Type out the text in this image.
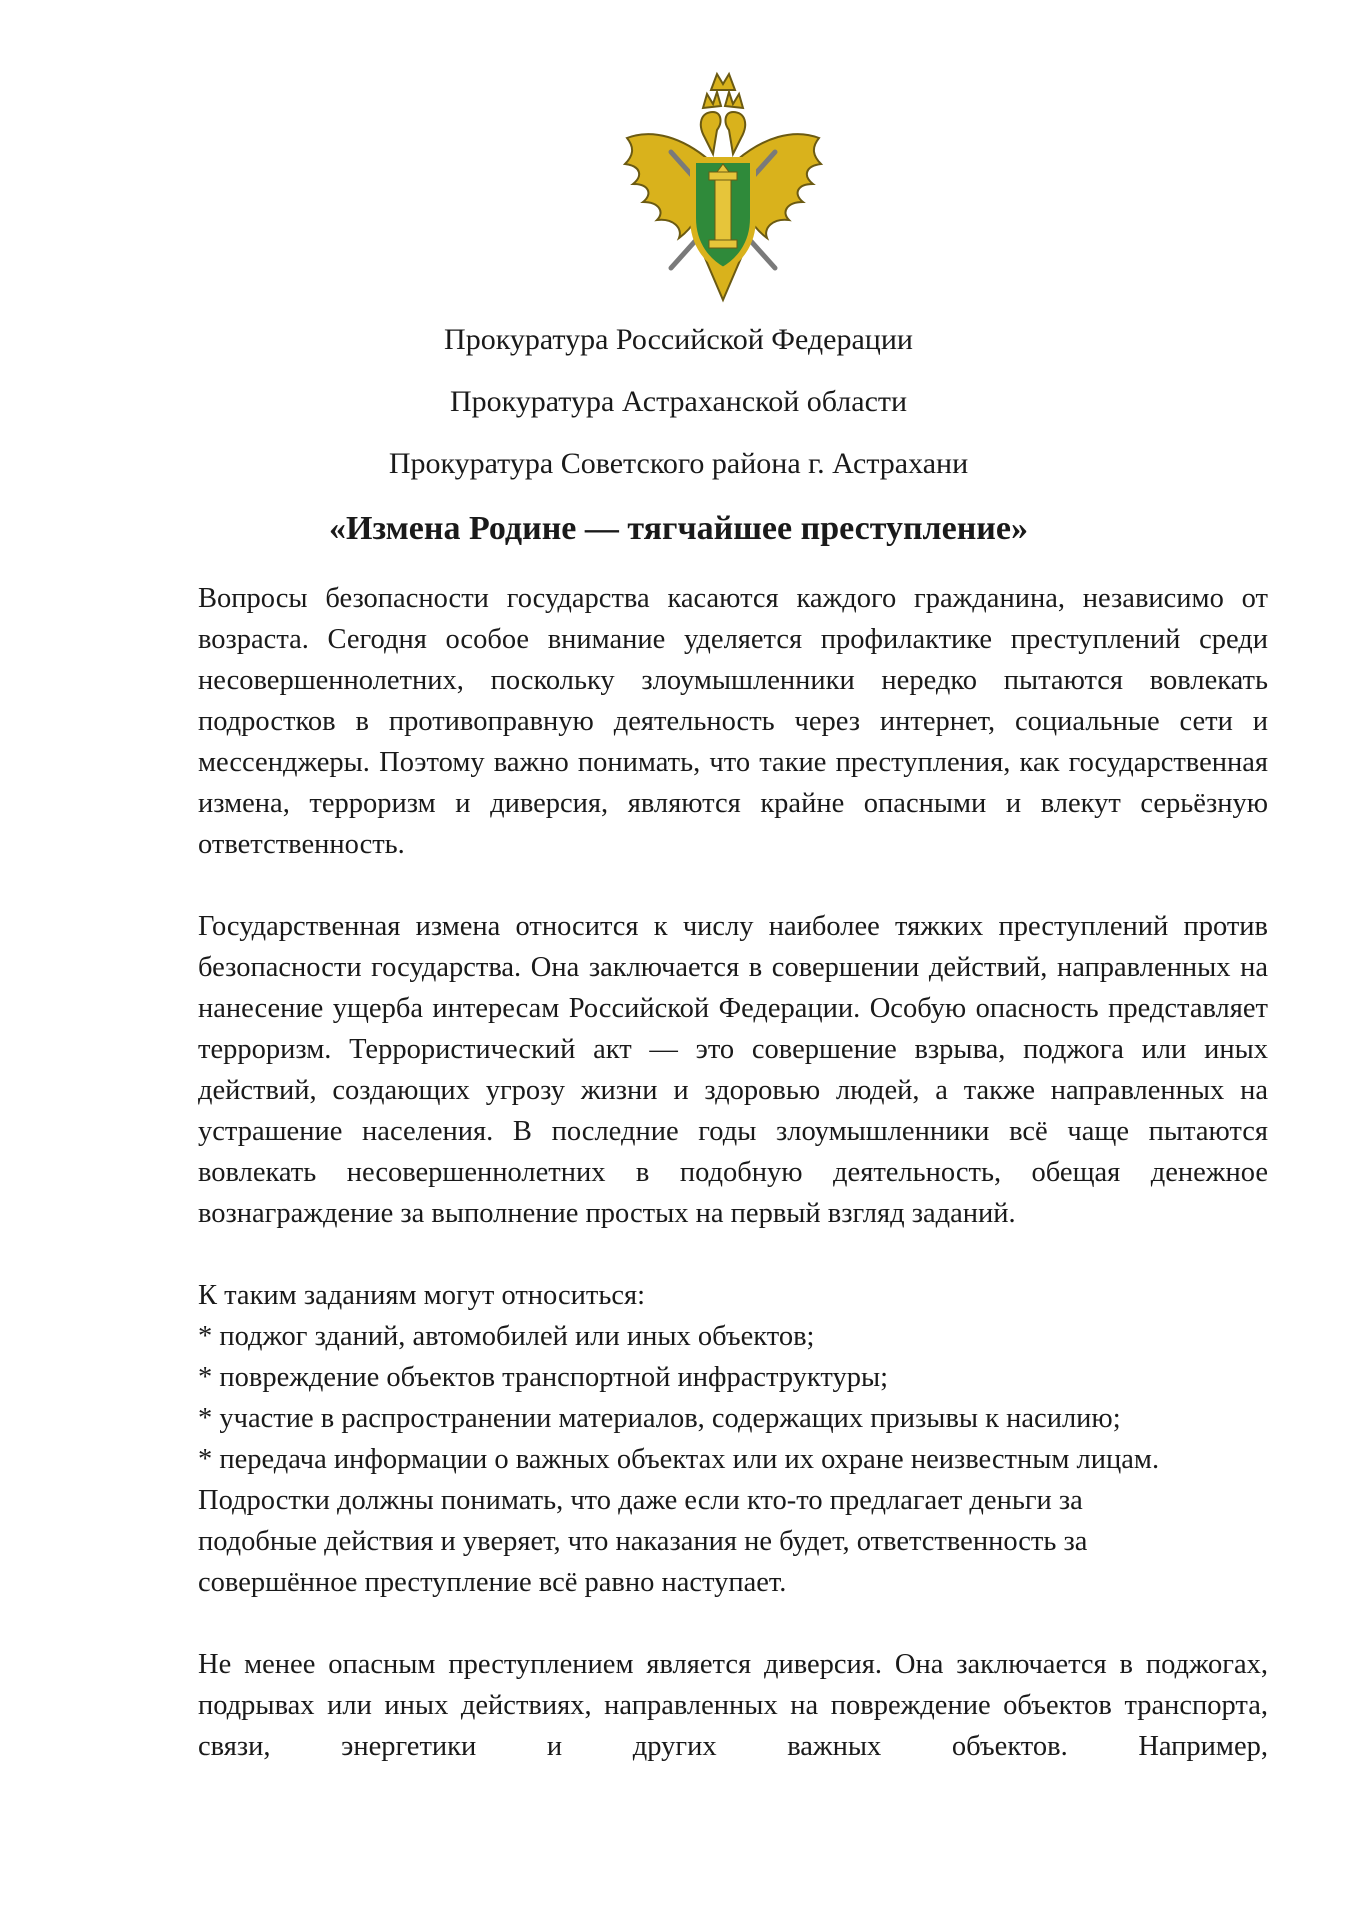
Прокуратура Российской Федерации
Прокуратура Астраханской области
Прокуратура Советского района г. Астрахани
«Измена Родине — тягчайшее преступление»

Вопросы безопасности государства касаются каждого гражданина, независимо от возраста. Сегодня особое внимание уделяется профилактике преступлений среди несовершеннолетних, поскольку злоумышленники нередко пытаются вовлекать подростков в противоправную деятельность через интернет, социальные сети и мессенджеры. Поэтому важно понимать, что такие преступления, как государственная измена, терроризм и диверсия, являются крайне опасными и влекут серьёзную ответственность.

Государственная измена относится к числу наиболее тяжких преступлений против безопасности государства. Она заключается в совершении действий, направленных на нанесение ущерба интересам Российской Федерации. Особую опасность представляет терроризм. Террористический акт — это совершение взрыва, поджога или иных действий, создающих угрозу жизни и здоровью людей, а также направленных на устрашение населения. В последние годы злоумышленники всё чаще пытаются вовлекать несовершеннолетних в подобную деятельность, обещая денежное вознаграждение за выполнение простых на первый взгляд заданий.

К таким заданиям могут относиться:

* поджог зданий, автомобилей или иных объектов;

* повреждение объектов транспортной инфраструктуры;

* участие в распространении материалов, содержащих призывы к насилию;

* передача информации о важных объектах или их охране неизвестным лицам.

Подростки должны понимать, что даже если кто-то предлагает деньги за

подобные действия и уверяет, что наказания не будет, ответственность за

совершённое преступление всё равно наступает.

Не менее опасным преступлением является диверсия. Она заключается в поджогах, подрывах или иных действиях, направленных на повреждение объектов транспорта, связи, энергетики и других важных объектов. Например,
